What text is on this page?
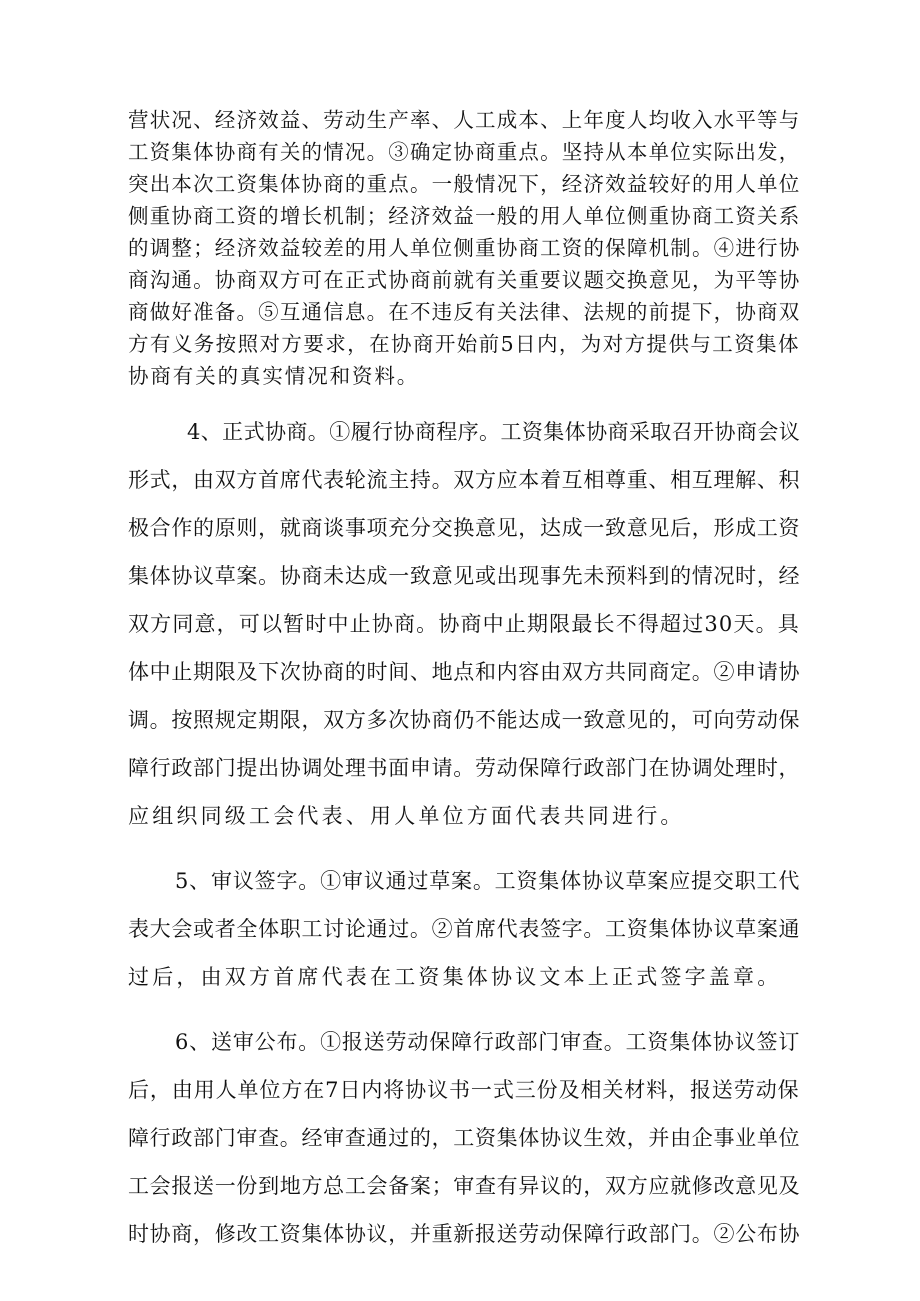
营状况、经济效益、劳动生产率、人工成本、上年度人均收入水平等与

工资集体协商有关的情况。③确定协商重点。坚持从本单位实际出发，

突出本次工资集体协商的重点。一般情况下，经济效益较好的用人单位

侧重协商工资的增长机制；经济效益一般的用人单位侧重协商工资关系

的调整；经济效益较差的用人单位侧重协商工资的保障机制。④进行协

商沟通。协商双方可在正式协商前就有关重要议题交换意见，为平等协

商做好准备。⑤互通信息。在不违反有关法律、法规的前提下，协商双

方有义务按照对方要求，在协商开始前5日内，为对方提供与工资集体

协商有关的真实情况和资料。

4、正式协商。①履行协商程序。工资集体协商采取召开协商会议

形式，由双方首席代表轮流主持。双方应本着互相尊重、相互理解、积

极合作的原则，就商谈事项充分交换意见，达成一致意见后，形成工资

集体协议草案。协商未达成一致意见或出现事先未预料到的情况时，经

双方同意，可以暂时中止协商。协商中止期限最长不得超过30天。具

体中止期限及下次协商的时间、地点和内容由双方共同商定。②申请协

调。按照规定期限，双方多次协商仍不能达成一致意见的，可向劳动保

障行政部门提出协调处理书面申请。劳动保障行政部门在协调处理时，

应组织同级工会代表、用人单位方面代表共同进行。

5、审议签字。①审议通过草案。工资集体协议草案应提交职工代

表大会或者全体职工讨论通过。②首席代表签字。工资集体协议草案通

过后，由双方首席代表在工资集体协议文本上正式签字盖章。

6、送审公布。①报送劳动保障行政部门审查。工资集体协议签订

后，由用人单位方在7日内将协议书一式三份及相关材料，报送劳动保

障行政部门审查。经审查通过的，工资集体协议生效，并由企事业单位

工会报送一份到地方总工会备案；审查有异议的，双方应就修改意见及

时协商，修改工资集体协议，并重新报送劳动保障行政部门。②公布协
